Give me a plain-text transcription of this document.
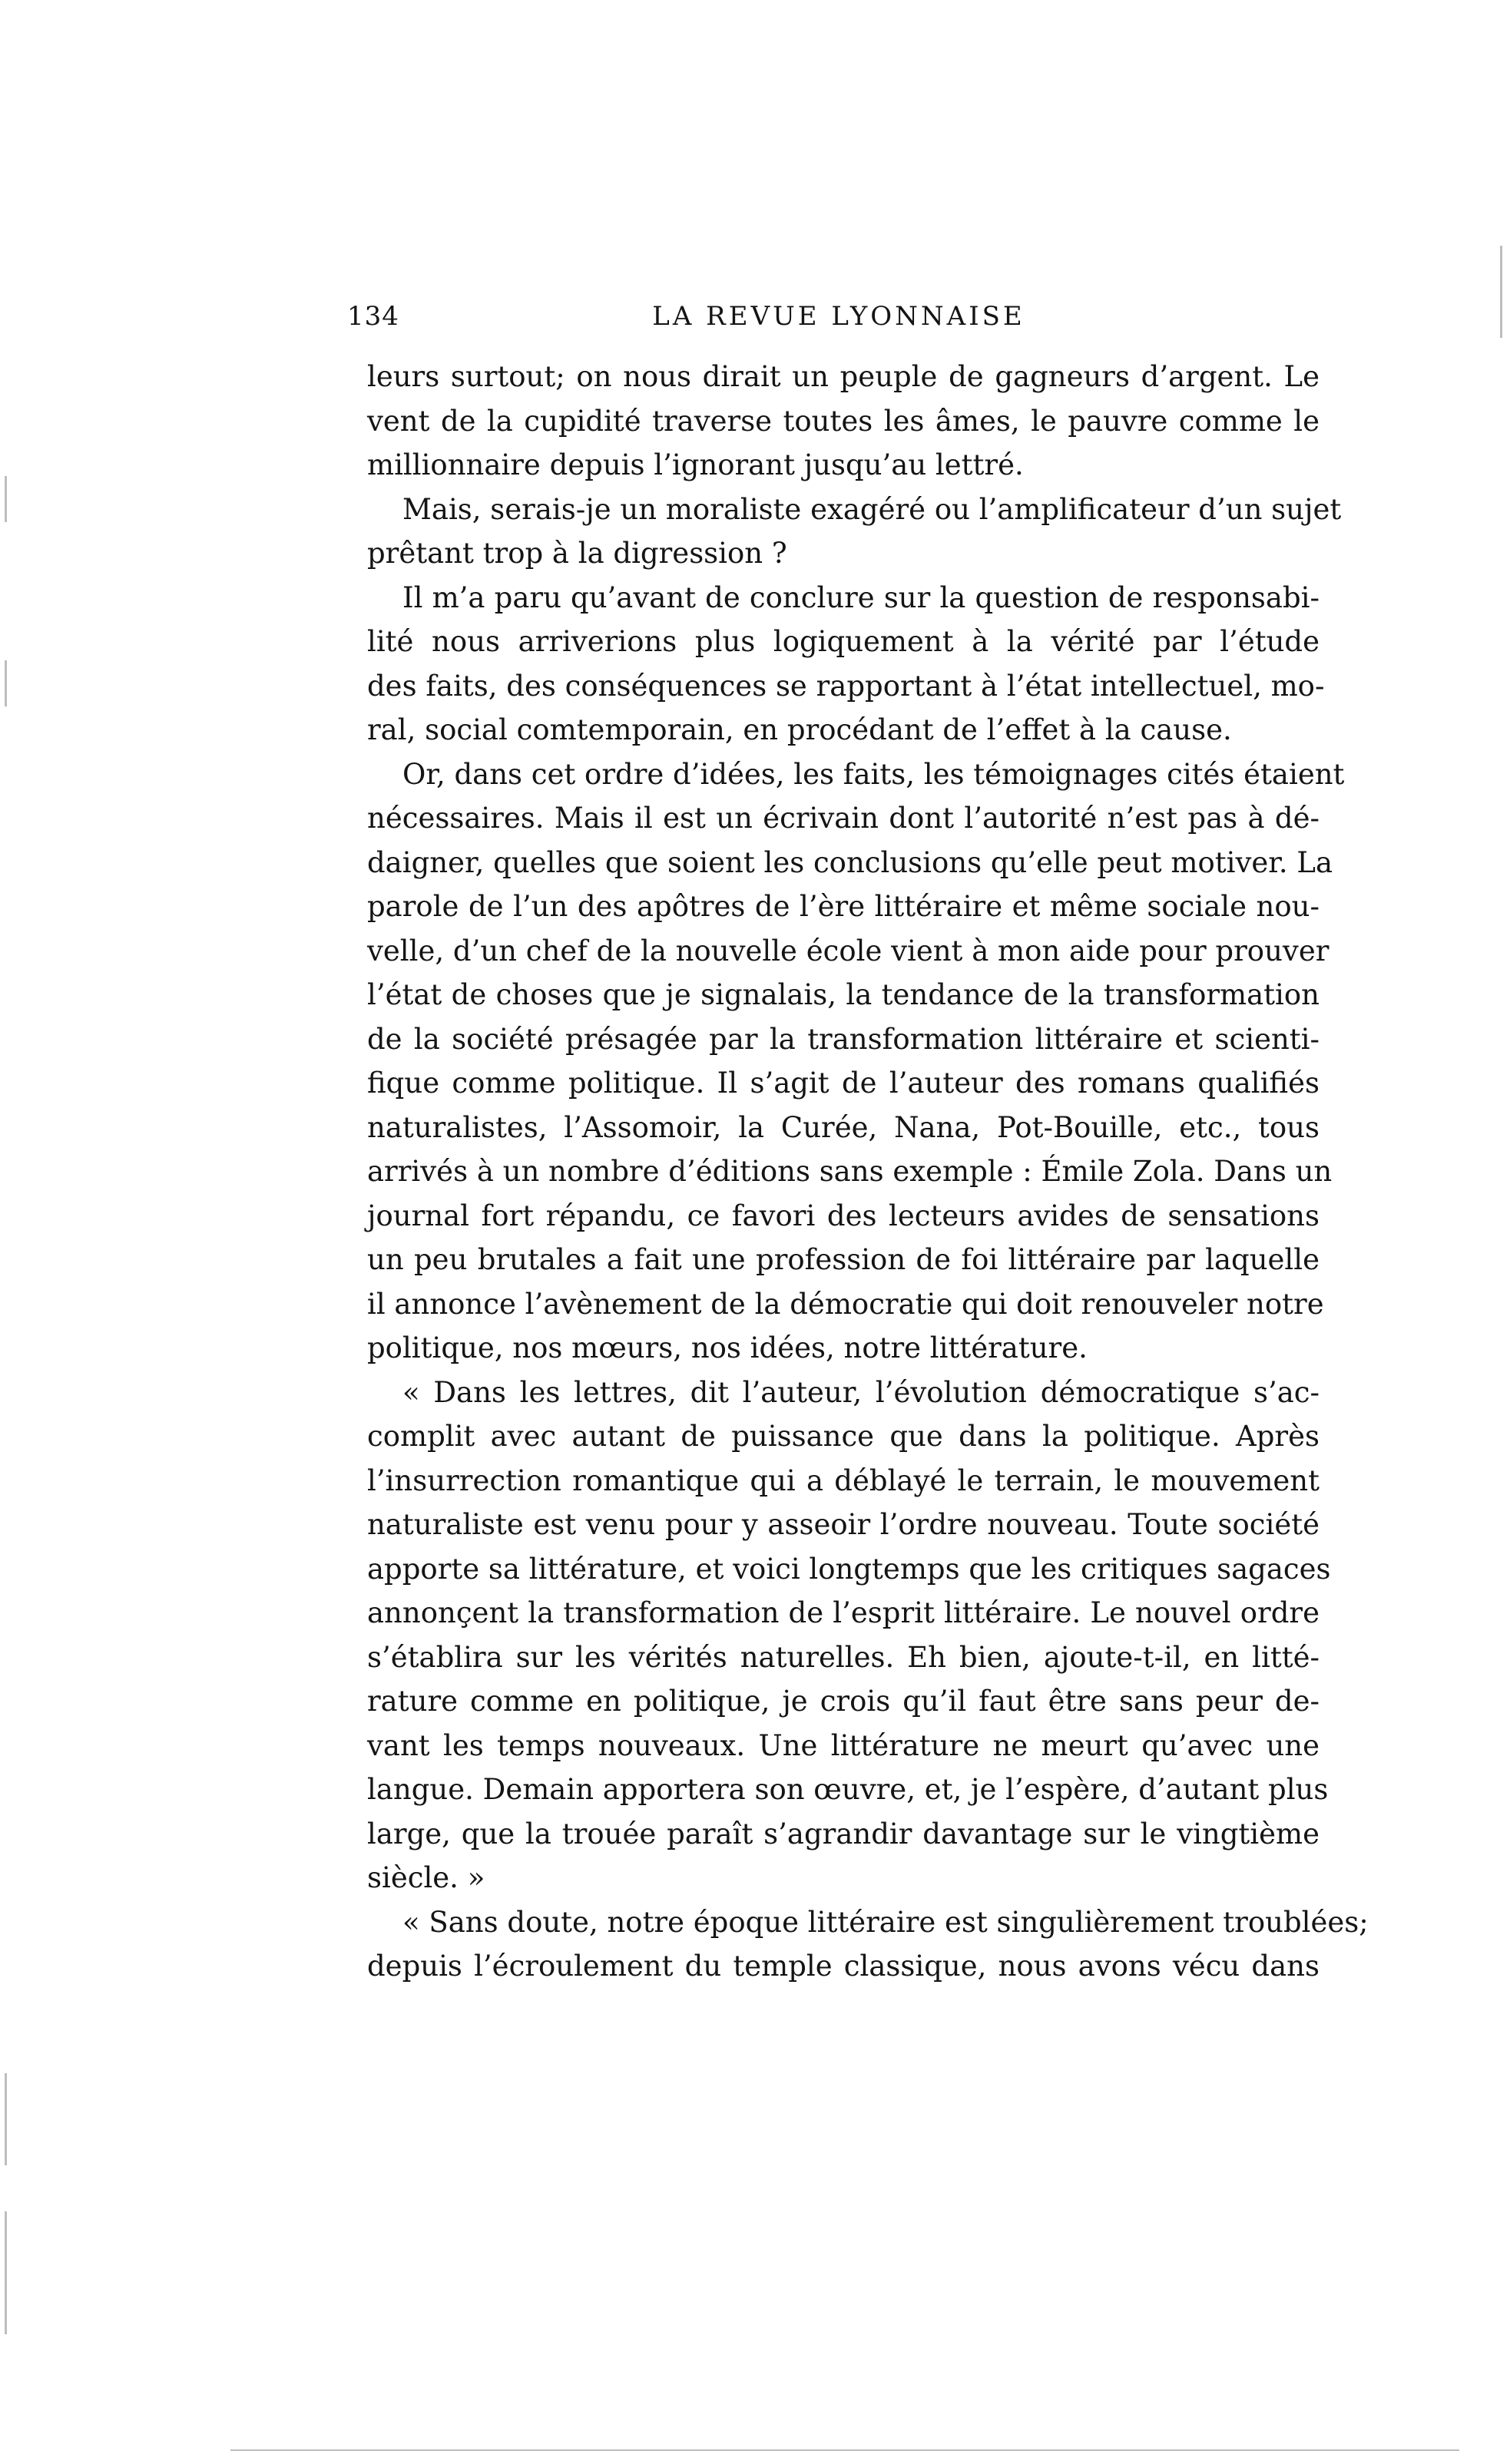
134	LA REVUE LYONNAISE
leurs surtout; on nous dirait un peuple de gagneurs d’argent. Le
vent de la cupidité traverse toutes les âmes, le pauvre comme le
millionnaire depuis l’ignorant jusqu’au lettré.
Mais, serais-je un moraliste exagéré ou l’amplificateur d’un sujet
prêtant trop à la digression ?
Il m’a paru qu’avant de conclure sur la question de responsabi-
lité nous arriverions plus logiquement à la vérité par l’étude
des faits, des conséquences se rapportant à l’état intellectuel, mo-
ral, social comtemporain, en procédant de l’effet à la cause.
Or, dans cet ordre d’idées, les faits, les témoignages cités étaient
nécessaires. Mais il est un écrivain dont l’autorité n’est pas à dé-
daigner, quelles que soient les conclusions qu’elle peut motiver. La
parole de l’un des apôtres de l’ère littéraire et même sociale nou-
velle, d’un chef de la nouvelle école vient à mon aide pour prouver
l’état de choses que je signalais, la tendance de la transformation
de la société présagée par la transformation littéraire et scienti-
fique comme politique. Il s’agit de l’auteur des romans qualifiés
naturalistes, l’Assomoir, la Curée, Nana, Pot-Bouille, etc., tous
arrivés à un nombre d’éditions sans exemple : Émile Zola. Dans un
journal fort répandu, ce favori des lecteurs avides de sensations
un peu brutales a fait une profession de foi littéraire par laquelle
il annonce l’avènement de la démocratie qui doit renouveler notre
politique, nos mœurs, nos idées, notre littérature.
« Dans les lettres, dit l’auteur, l’évolution démocratique s’ac-
complit avec autant de puissance que dans la politique. Après
l’insurrection romantique qui a déblayé le terrain, le mouvement
naturaliste est venu pour y asseoir l’ordre nouveau. Toute société
apporte sa littérature, et voici longtemps que les critiques sagaces
annonçent la transformation de l’esprit littéraire. Le nouvel ordre
s’établira sur les vérités naturelles. Eh bien, ajoute-t-il, en litté-
rature comme en politique, je crois qu’il faut être sans peur de-
vant les temps nouveaux. Une littérature ne meurt qu’avec une
langue. Demain apportera son œuvre, et, je l’espère, d’autant plus
large, que la trouée paraît s’agrandir davantage sur le vingtième
siècle. »
« Sans doute, notre époque littéraire est singulièrement troublées;
depuis l’écroulement du temple classique, nous avons vécu dans
